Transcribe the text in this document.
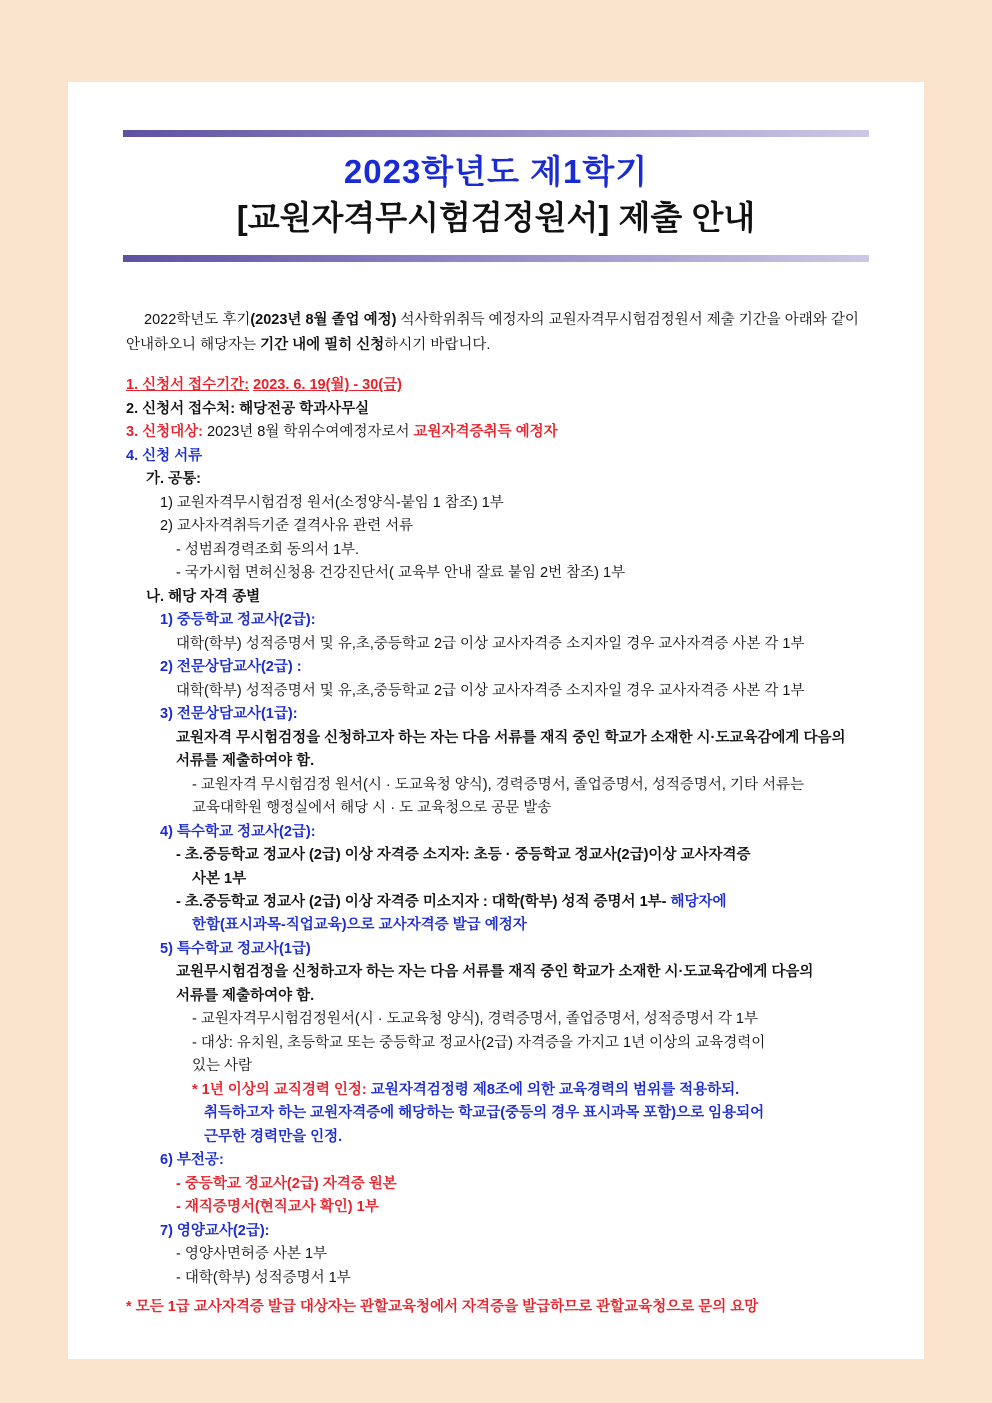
2023학년도 제1학기
[교원자격무시험검정원서] 제출 안내
2022학년도 후기(2023년 8월 졸업 예정) 석사학위취득 예정자의 교원자격무시험검정원서 제출 기간을 아래와 같이 안내하오니 해당자는 기간 내에 필히 신청하시기 바랍니다.
1. 신청서 접수기간: 2023. 6. 19(월) - 30(금)
2. 신청서 접수처: 해당전공 학과사무실
3. 신청대상: 2023년 8월 학위수여예정자로서 교원자격증취득 예정자
4. 신청 서류
가. 공통:
1) 교원자격무시험검정 원서(소정양식-붙임 1 참조) 1부
2) 교사자격취득기준 결격사유 관련 서류
- 성범죄경력조회 동의서 1부.
- 국가시험 면허신청용 건강진단서( 교육부 안내 잘료 붙임 2번 참조) 1부
나. 해당 자격 종별
1) 중등학교 정교사(2급):
대학(학부) 성적증명서 및 유,초,중등학교 2급 이상 교사자격증 소지자일 경우 교사자격증 사본 각 1부
2) 전문상담교사(2급) :
대학(학부) 성적증명서 및 유,초,중등학교 2급 이상 교사자격증 소지자일 경우 교사자격증 사본 각 1부
3) 전문상담교사(1급):
교원자격 무시험검정을 신청하고자 하는 자는 다음 서류를 재직 중인 학교가 소재한 시·도교육감에게 다음의
서류를 제출하여야 함.
- 교원자격 무시험검정 원서(시 · 도교육청 양식), 경력증명서, 졸업증명서, 성적증명서, 기타 서류는
교육대학원 행정실에서 해당 시 · 도 교육청으로 공문 발송
4) 특수학교 정교사(2급):
- 초.중등학교 정교사 (2급) 이상 자격증 소지자: 초등 · 중등학교 정교사(2급)이상 교사자격증
사본 1부
- 초.중등학교 정교사 (2급) 이상 자격증 미소지자 : 대학(학부) 성적 증명서 1부- 해당자에
한함(표시과목-직업교육)으로 교사자격증 발급 예정자
5) 특수학교 정교사(1급)
교원무시험검정을 신청하고자 하는 자는 다음 서류를 재직 중인 학교가 소재한 시·도교육감에게 다음의
서류를 제출하여야 함.
- 교원자격무시험검정원서(시 · 도교육청 양식), 경력증명서, 졸업증명서, 성적증명서 각 1부
- 대상: 유치원, 초등학교 또는 중등학교 정교사(2급) 자격증을 가지고 1년 이상의 교육경력이
있는 사람
* 1년 이상의 교직경력 인정: 교원자격검정령 제8조에 의한 교육경력의 범위를 적용하되.
취득하고자 하는 교원자격증에 해당하는 학교급(중등의 경우 표시과목 포함)으로 임용되어
근무한 경력만을 인정.
6) 부전공:
- 중등학교 정교사(2급) 자격증 원본
- 재직증명서(현직교사 확인) 1부
7) 영양교사(2급):
- 영양사면허증 사본 1부
- 대학(학부) 성적증명서 1부
* 모든 1급 교사자격증 발급 대상자는 관할교육청에서 자격증을 발급하므로 관할교육청으로 문의 요망
